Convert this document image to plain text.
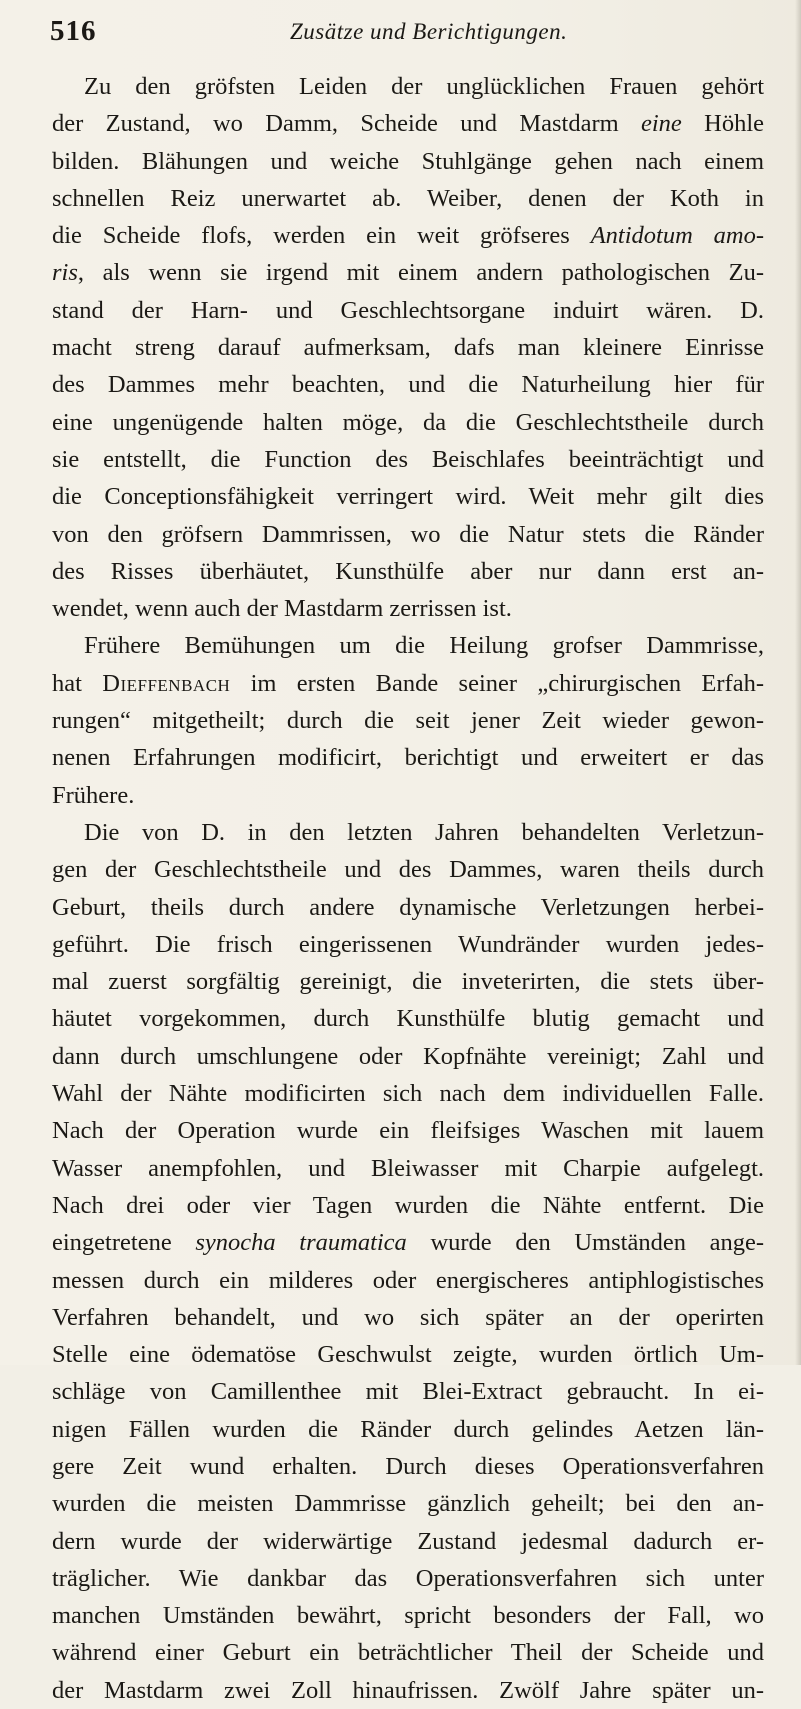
516	Zusätze und Berichtigungen.
Zu den gröfsten Leiden der unglücklichen Frauen gehört
der Zustand, wo Damm, Scheide und Mastdarm eine Höhle
bilden. Blähungen und weiche Stuhlgänge gehen nach einem
schnellen Reiz unerwartet ab. Weiber, denen der Koth in
die Scheide flofs, werden ein weit gröfseres Antidotum amo-
ris, als wenn sie irgend mit einem andern pathologischen Zu-
stand der Harn- und Geschlechtsorgane induirt wären. D.
macht streng darauf aufmerksam, dafs man kleinere Einrisse
des Dammes mehr beachten, und die Naturheilung hier für
eine ungenügende halten möge, da die Geschlechtstheile durch
sie entstellt, die Function des Beischlafes beeinträchtigt und
die Conceptionsfähigkeit verringert wird. Weit mehr gilt dies
von den gröfsern Dammrissen, wo die Natur stets die Ränder
des Risses überhäutet, Kunsthülfe aber nur dann erst an-
wendet, wenn auch der Mastdarm zerrissen ist.
Frühere Bemühungen um die Heilung grofser Dammrisse,
hat Dieffenbach im ersten Bande seiner „chirurgischen Erfah-
rungen“ mitgetheilt; durch die seit jener Zeit wieder gewon-
nenen Erfahrungen modificirt, berichtigt und erweitert er das
Frühere.
Die von D. in den letzten Jahren behandelten Verletzun-
gen der Geschlechtstheile und des Dammes, waren theils durch
Geburt, theils durch andere dynamische Verletzungen herbei-
geführt. Die frisch eingerissenen Wundränder wurden jedes-
mal zuerst sorgfältig gereinigt, die inveterirten, die stets über-
häutet vorgekommen, durch Kunsthülfe blutig gemacht und
dann durch umschlungene oder Kopfnähte vereinigt; Zahl und
Wahl der Nähte modificirten sich nach dem individuellen Falle.
Nach der Operation wurde ein fleifsiges Waschen mit lauem
Wasser anempfohlen, und Bleiwasser mit Charpie aufgelegt.
Nach drei oder vier Tagen wurden die Nähte entfernt. Die
eingetretene synocha traumatica wurde den Umständen ange-
messen durch ein milderes oder energischeres antiphlogistisches
Verfahren behandelt, und wo sich später an der operirten
Stelle eine ödematöse Geschwulst zeigte, wurden örtlich Um-
schläge von Camillenthee mit Blei-Extract gebraucht. In ei-
nigen Fällen wurden die Ränder durch gelindes Aetzen län-
gere Zeit wund erhalten. Durch dieses Operationsverfahren
wurden die meisten Dammrisse gänzlich geheilt; bei den an-
dern wurde der widerwärtige Zustand jedesmal dadurch er-
träglicher. Wie dankbar das Operationsverfahren sich unter
manchen Umständen bewährt, spricht besonders der Fall, wo
während einer Geburt ein beträchtlicher Theil der Scheide und
der Mastdarm zwei Zoll hinaufrissen. Zwölf Jahre später un-
